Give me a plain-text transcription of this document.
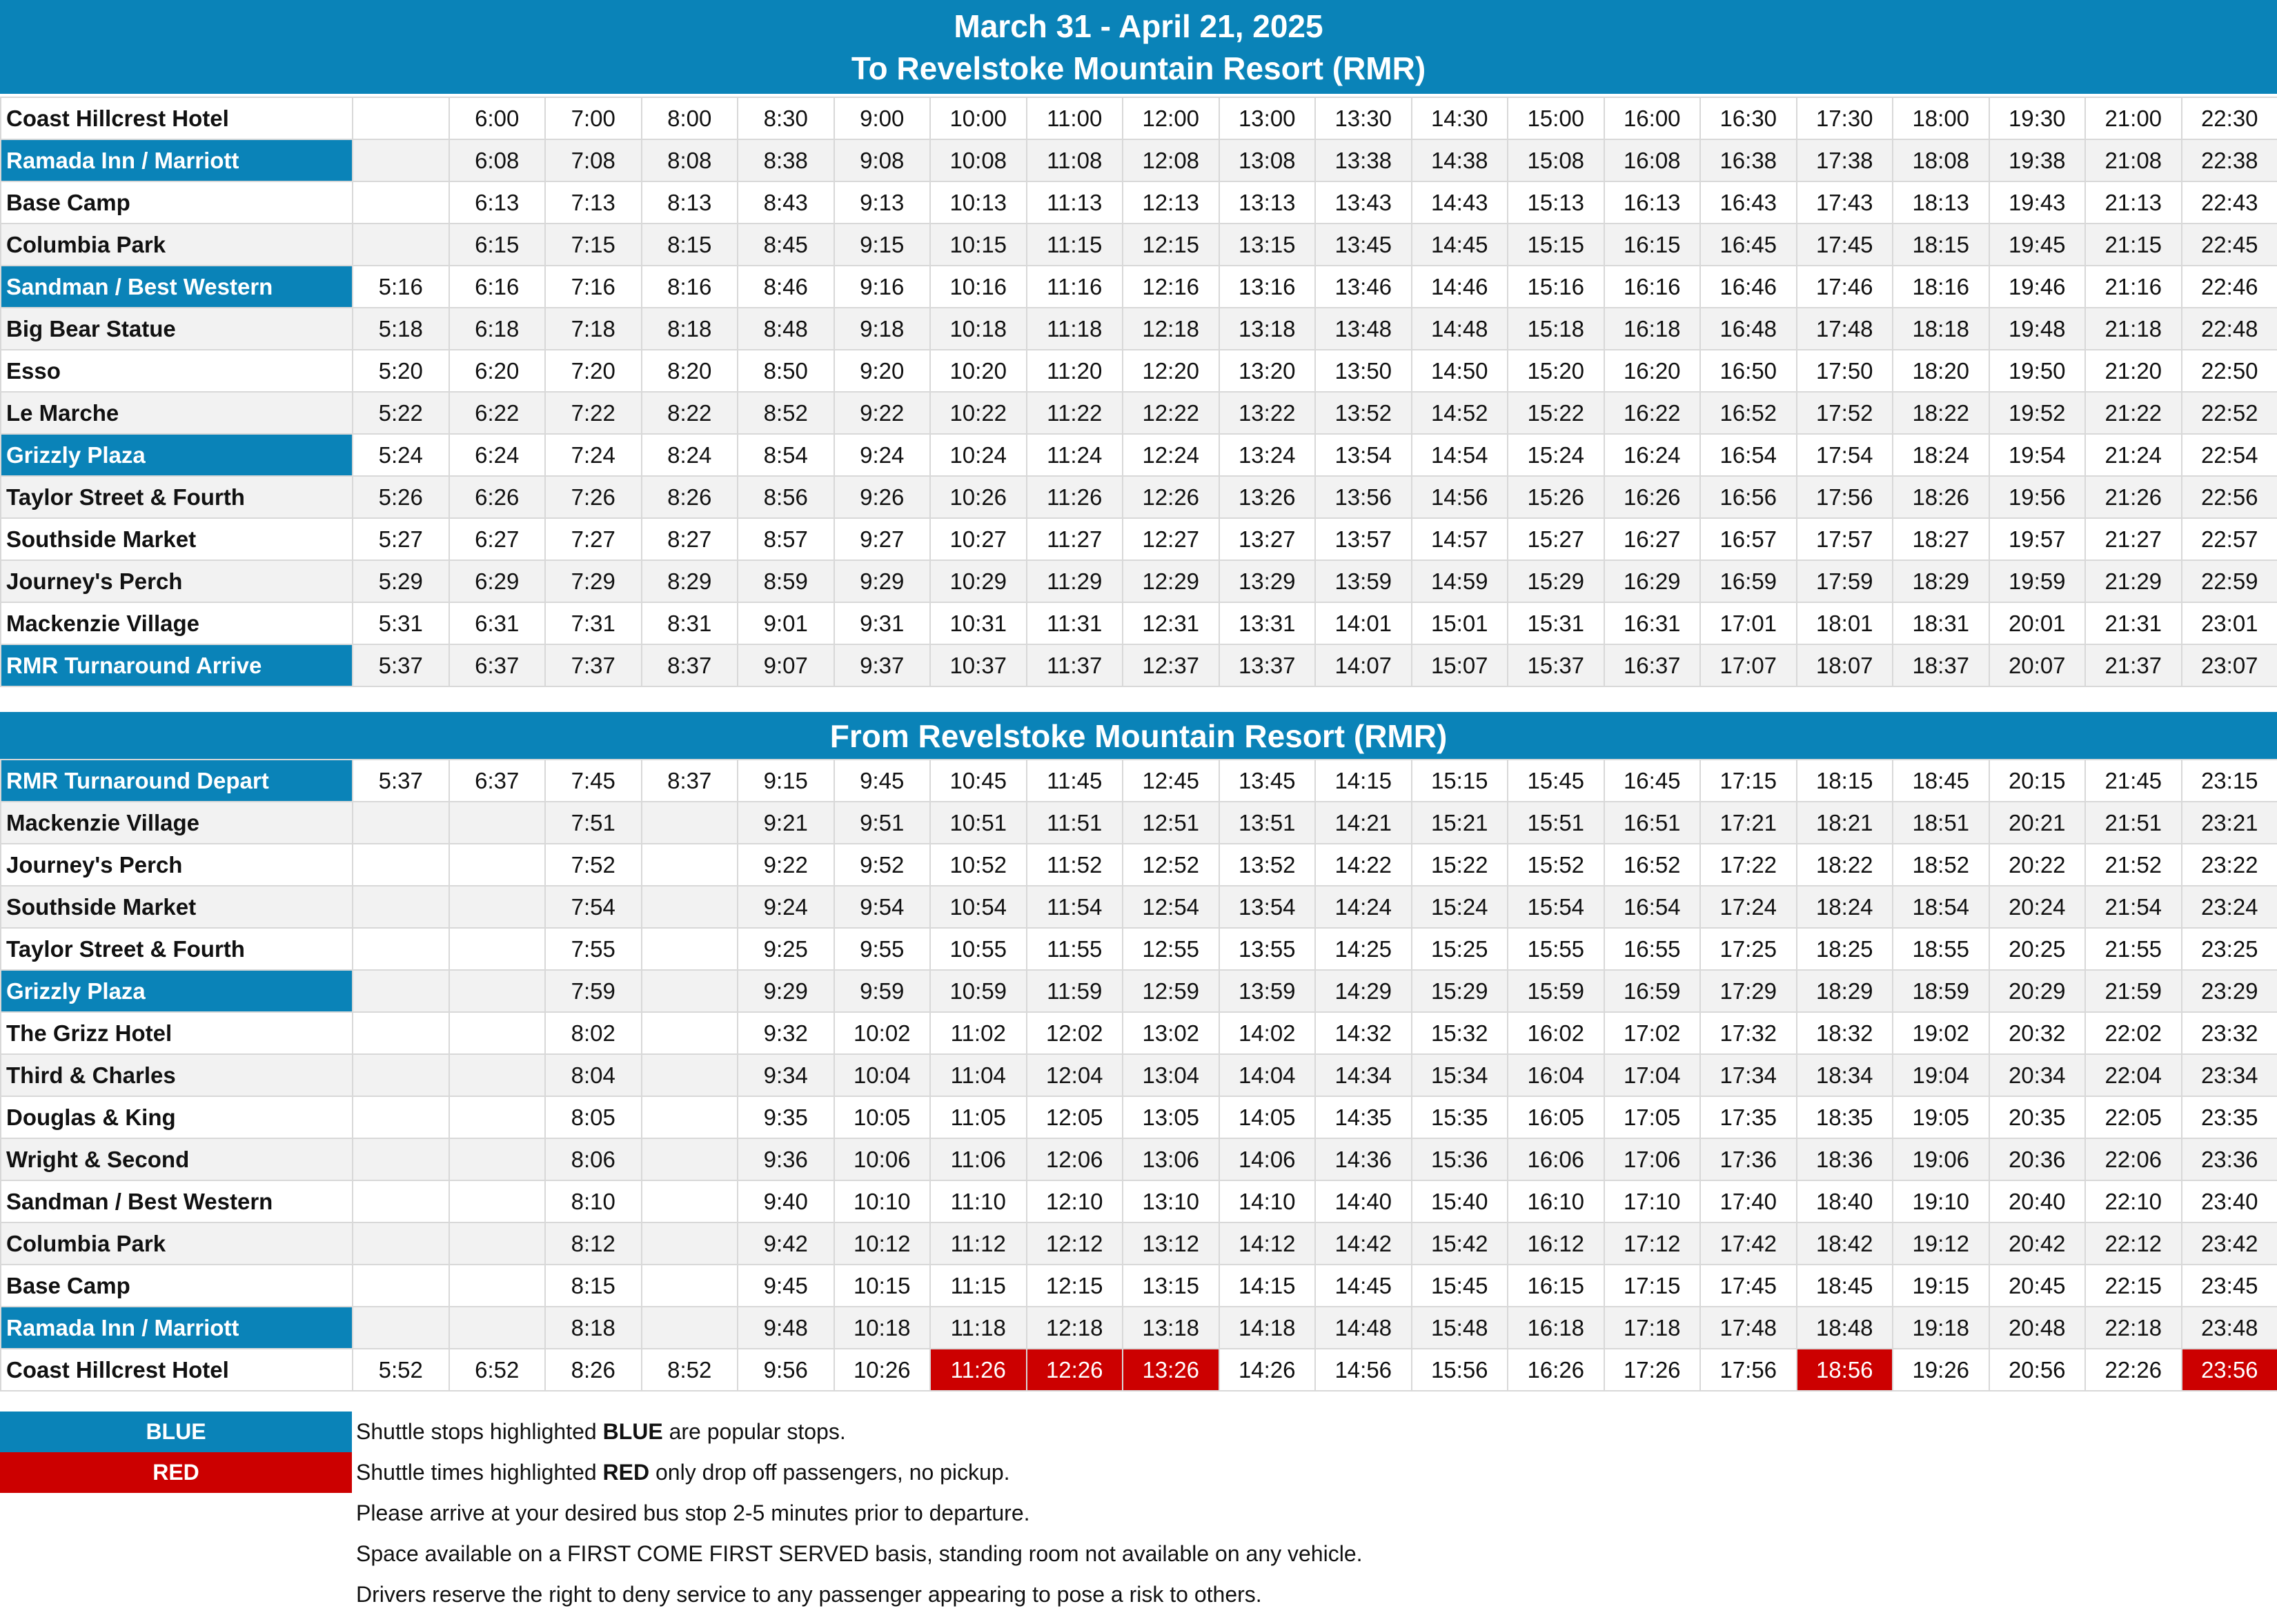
March 31 - April 21, 2025
To Revelstoke Mountain Resort (RMR)
Coast Hillcrest Hotel		6:00	7:00	8:00	8:30	9:00	10:00	11:00	12:00	13:00	13:30	14:30	15:00	16:00	16:30	17:30	18:00	19:30	21:00	22:30
Ramada Inn / Marriott		6:08	7:08	8:08	8:38	9:08	10:08	11:08	12:08	13:08	13:38	14:38	15:08	16:08	16:38	17:38	18:08	19:38	21:08	22:38
Base Camp		6:13	7:13	8:13	8:43	9:13	10:13	11:13	12:13	13:13	13:43	14:43	15:13	16:13	16:43	17:43	18:13	19:43	21:13	22:43
Columbia Park		6:15	7:15	8:15	8:45	9:15	10:15	11:15	12:15	13:15	13:45	14:45	15:15	16:15	16:45	17:45	18:15	19:45	21:15	22:45
Sandman / Best Western	5:16	6:16	7:16	8:16	8:46	9:16	10:16	11:16	12:16	13:16	13:46	14:46	15:16	16:16	16:46	17:46	18:16	19:46	21:16	22:46
Big Bear Statue	5:18	6:18	7:18	8:18	8:48	9:18	10:18	11:18	12:18	13:18	13:48	14:48	15:18	16:18	16:48	17:48	18:18	19:48	21:18	22:48
Esso	5:20	6:20	7:20	8:20	8:50	9:20	10:20	11:20	12:20	13:20	13:50	14:50	15:20	16:20	16:50	17:50	18:20	19:50	21:20	22:50
Le Marche	5:22	6:22	7:22	8:22	8:52	9:22	10:22	11:22	12:22	13:22	13:52	14:52	15:22	16:22	16:52	17:52	18:22	19:52	21:22	22:52
Grizzly Plaza	5:24	6:24	7:24	8:24	8:54	9:24	10:24	11:24	12:24	13:24	13:54	14:54	15:24	16:24	16:54	17:54	18:24	19:54	21:24	22:54
Taylor Street & Fourth	5:26	6:26	7:26	8:26	8:56	9:26	10:26	11:26	12:26	13:26	13:56	14:56	15:26	16:26	16:56	17:56	18:26	19:56	21:26	22:56
Southside Market	5:27	6:27	7:27	8:27	8:57	9:27	10:27	11:27	12:27	13:27	13:57	14:57	15:27	16:27	16:57	17:57	18:27	19:57	21:27	22:57
Journey's Perch	5:29	6:29	7:29	8:29	8:59	9:29	10:29	11:29	12:29	13:29	13:59	14:59	15:29	16:29	16:59	17:59	18:29	19:59	21:29	22:59
Mackenzie Village	5:31	6:31	7:31	8:31	9:01	9:31	10:31	11:31	12:31	13:31	14:01	15:01	15:31	16:31	17:01	18:01	18:31	20:01	21:31	23:01
RMR Turnaround Arrive	5:37	6:37	7:37	8:37	9:07	9:37	10:37	11:37	12:37	13:37	14:07	15:07	15:37	16:37	17:07	18:07	18:37	20:07	21:37	23:07
From Revelstoke Mountain Resort (RMR)
RMR Turnaround Depart	5:37	6:37	7:45	8:37	9:15	9:45	10:45	11:45	12:45	13:45	14:15	15:15	15:45	16:45	17:15	18:15	18:45	20:15	21:45	23:15
Mackenzie Village			7:51		9:21	9:51	10:51	11:51	12:51	13:51	14:21	15:21	15:51	16:51	17:21	18:21	18:51	20:21	21:51	23:21
Journey's Perch			7:52		9:22	9:52	10:52	11:52	12:52	13:52	14:22	15:22	15:52	16:52	17:22	18:22	18:52	20:22	21:52	23:22
Southside Market			7:54		9:24	9:54	10:54	11:54	12:54	13:54	14:24	15:24	15:54	16:54	17:24	18:24	18:54	20:24	21:54	23:24
Taylor Street & Fourth			7:55		9:25	9:55	10:55	11:55	12:55	13:55	14:25	15:25	15:55	16:55	17:25	18:25	18:55	20:25	21:55	23:25
Grizzly Plaza			7:59		9:29	9:59	10:59	11:59	12:59	13:59	14:29	15:29	15:59	16:59	17:29	18:29	18:59	20:29	21:59	23:29
The Grizz Hotel			8:02		9:32	10:02	11:02	12:02	13:02	14:02	14:32	15:32	16:02	17:02	17:32	18:32	19:02	20:32	22:02	23:32
Third & Charles			8:04		9:34	10:04	11:04	12:04	13:04	14:04	14:34	15:34	16:04	17:04	17:34	18:34	19:04	20:34	22:04	23:34
Douglas & King			8:05		9:35	10:05	11:05	12:05	13:05	14:05	14:35	15:35	16:05	17:05	17:35	18:35	19:05	20:35	22:05	23:35
Wright & Second			8:06		9:36	10:06	11:06	12:06	13:06	14:06	14:36	15:36	16:06	17:06	17:36	18:36	19:06	20:36	22:06	23:36
Sandman / Best Western			8:10		9:40	10:10	11:10	12:10	13:10	14:10	14:40	15:40	16:10	17:10	17:40	18:40	19:10	20:40	22:10	23:40
Columbia Park			8:12		9:42	10:12	11:12	12:12	13:12	14:12	14:42	15:42	16:12	17:12	17:42	18:42	19:12	20:42	22:12	23:42
Base Camp			8:15		9:45	10:15	11:15	12:15	13:15	14:15	14:45	15:45	16:15	17:15	17:45	18:45	19:15	20:45	22:15	23:45
Ramada Inn / Marriott			8:18		9:48	10:18	11:18	12:18	13:18	14:18	14:48	15:48	16:18	17:18	17:48	18:48	19:18	20:48	22:18	23:48
Coast Hillcrest Hotel	5:52	6:52	8:26	8:52	9:56	10:26	11:26	12:26	13:26	14:26	14:56	15:56	16:26	17:26	17:56	18:56	19:26	20:56	22:26	23:56
BLUE	Shuttle stops highlighted BLUE are popular stops.
RED	Shuttle times highlighted RED only drop off passengers, no pickup.
Please arrive at your desired bus stop 2-5 minutes prior to departure.
Space available on a FIRST COME FIRST SERVED basis, standing room not available on any vehicle.
Drivers reserve the right to deny service to any passenger appearing to pose a risk to others.
